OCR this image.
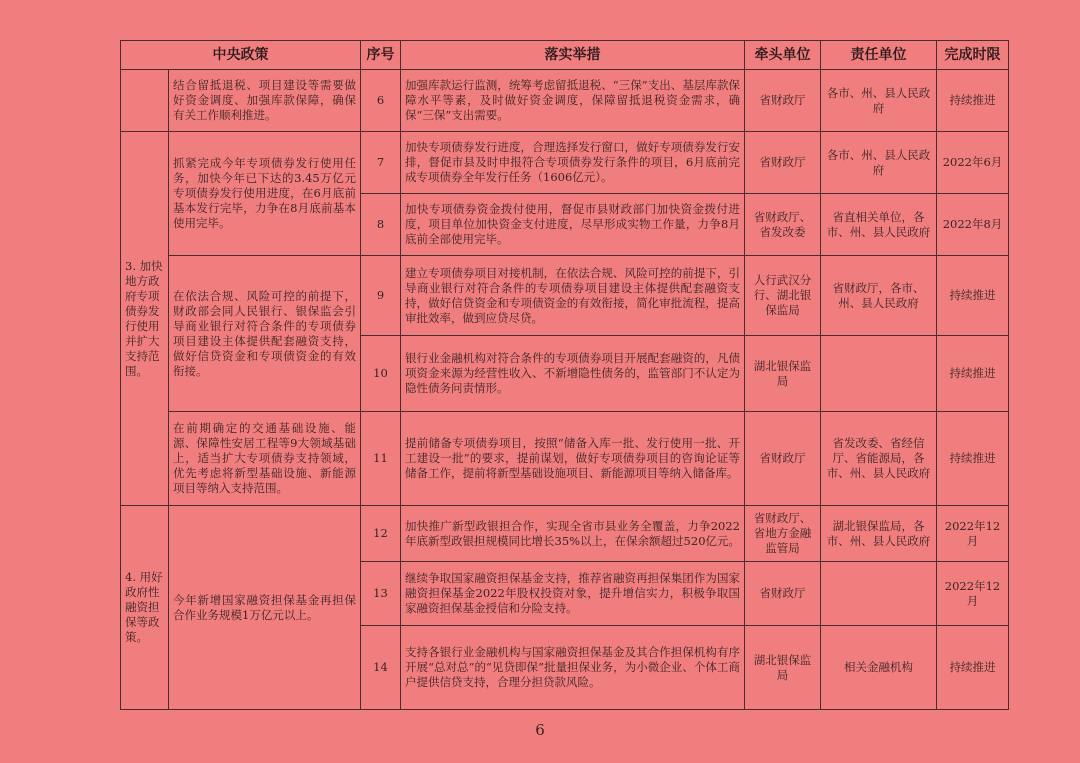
中央政策		序号	落实举措	牵头单位	责任单位	完成时限
	结合留抵退税、项目建设等需要做好资金调度、加强库款保障，确保有关工作顺利推进。	6	加强库款运行监测，统筹考虑留抵退税、“三保”支出、基层库款保障水平等素，及时做好资金调度，保障留抵退税资金需求，确保“三保”支出需要。	省财政厅	各市、州、县人民政府	持续推进
3. 加快地方政府专项债券发行使用并扩大支持范围。	抓紧完成今年专项债券发行使用任务，加快今年已下达的3.45万亿元专项债券发行使用进度，在6月底前基本发行完毕，力争在8月底前基本使用完毕。	7	加快专项债券发行进度，合理选择发行窗口，做好专项债券发行安排，督促市县及时申报符合专项债券发行条件的项目，6月底前完成专项债券全年发行任务（1606亿元）。	省财政厅	各市、州、县人民政府	2022年6月
		8	加快专项债券资金拨付使用，督促市县财政部门加快资金拨付进度，项目单位加快资金支付进度，尽早形成实物工作量，力争8月底前全部使用完毕。	省财政厅、省发改委	省直相关单位，各市、州、县人民政府	2022年8月
	在依法合规、风险可控的前提下，财政部会同人民银行、银保监会引导商业银行对符合条件的专项债券项目建设主体提供配套融资支持，做好信贷资金和专项债资金的有效衔接。	9	建立专项债券项目对接机制，在依法合规、风险可控的前提下，引导商业银行对符合条件的专项债券项目建设主体提供配套融资支持，做好信贷资金和专项债资金的有效衔接，简化审批流程，提高审批效率，做到应贷尽贷。	人行武汉分行、湖北银保监局	省财政厅，各市、州、县人民政府	持续推进
		10	银行业金融机构对符合条件的专项债券项目开展配套融资的，凡债项资金来源为经营性收入、不新增隐性债务的，监管部门不认定为隐性债务问责情形。	湖北银保监局		持续推进
	在前期确定的交通基础设施、能源、保障性安居工程等9大领域基础上，适当扩大专项债券支持领域，优先考虑将新型基础设施、新能源项目等纳入支持范围。	11	提前储备专项债券项目，按照“储备入库一批、发行使用一批、开工建设一批”的要求，提前谋划，做好专项债券项目的咨询论证等储备工作，提前将新型基础设施项目、新能源项目等纳入储备库。	省财政厅	省发改委、省经信厅、省能源局，各市、州、县人民政府	持续推进
4. 用好政府性融资担保等政策。	今年新增国家融资担保基金再担保合作业务规模1万亿元以上。	12	加快推广新型政银担合作，实现全省市县业务全覆盖，力争2022年底新型政银担规模同比增长35%以上，在保余额超过520亿元。	省财政厅、省地方金融监管局	湖北银保监局，各市、州、县人民政府	2022年12月
		13	继续争取国家融资担保基金支持，推荐省融资再担保集团作为国家融资担保基金2022年股权投资对象，提升增信实力，积极争取国家融资担保基金授信和分险支持。	省财政厅		2022年12月
		14	支持各银行业金融机构与国家融资担保基金及其合作担保机构有序开展“总对总”的“见贷即保”批量担保业务，为小微企业、个体工商户提供信贷支持，合理分担贷款风险。	湖北银保监局	相关金融机构	持续推进
6
